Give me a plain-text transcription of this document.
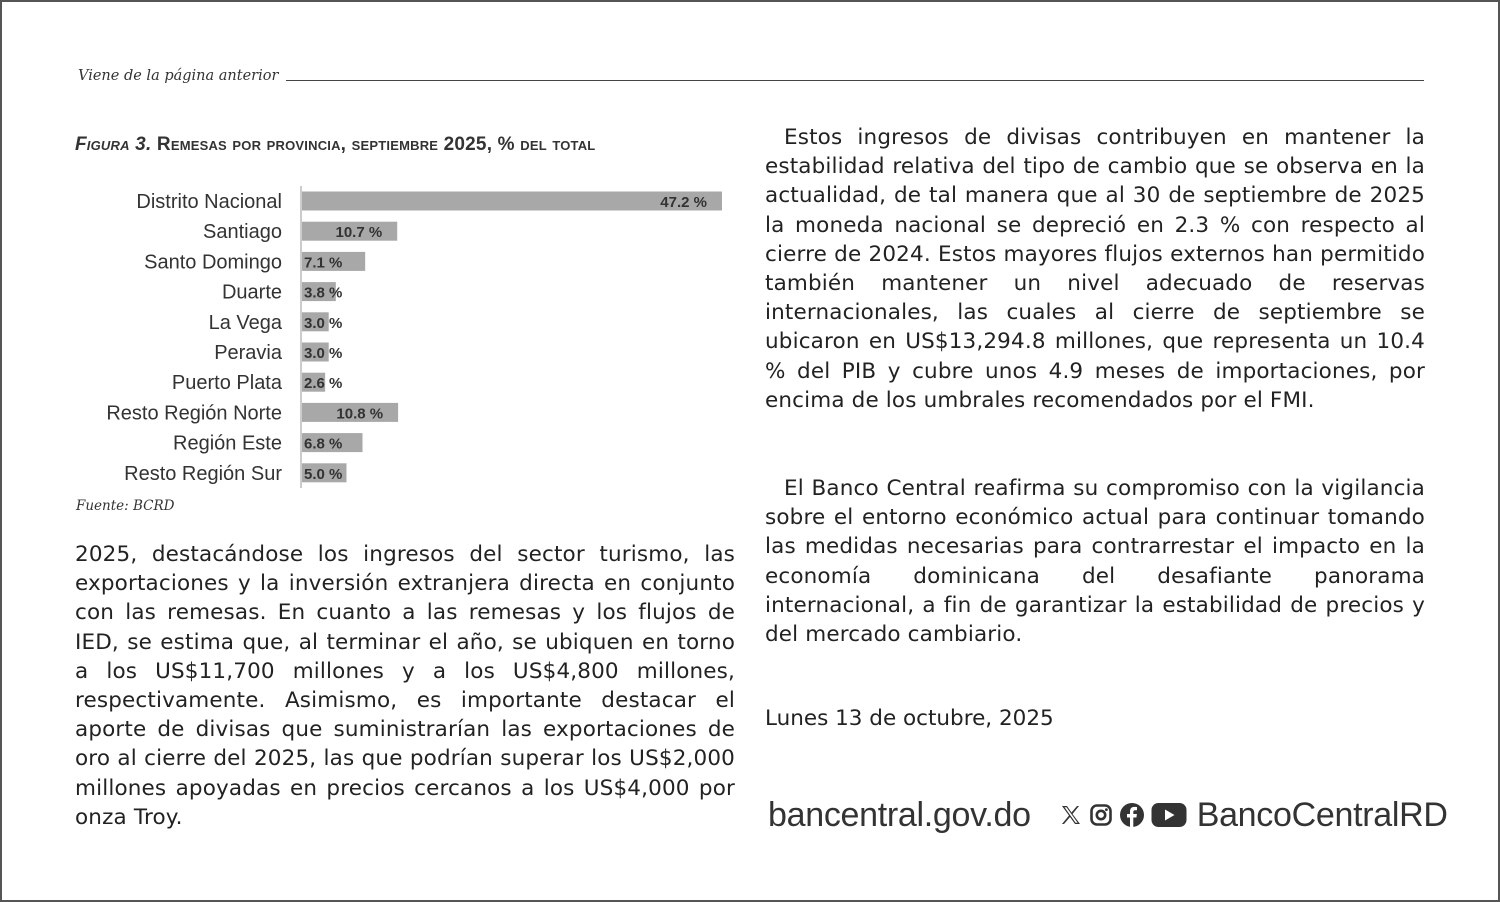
Viene de la página anterior
Figura 3. Remesas por provincia, septiembre 2025, % del total
Distrito Nacional	47.2 %
Santiago	10.7 %
Santo Domingo 7.1 %
Duarte 3.8 %
La Vega 3.0 %
Peravia 3.0 %
Puerto Plata 2.6 %
Resto Región Norte	10.8 %
Región Este 6.8 %
Resto Región Sur 5.0 %
Fuente: BCRD
2025, destacándose los ingresos del sector turismo, las exportaciones y la inversión extranjera directa en conjunto con las remesas. En cuanto a las remesas y los flujos de IED, se estima que, al terminar el año, se ubiquen en torno a los US$11,700 millones y a los US$4,800 millones, respectivamente. Asimismo, es importante destacar el aporte de divisas que suministrarían las exportaciones de oro al cierre del 2025, las que podrían superar los US$2,000 millones apoyadas en precios cercanos a los US$4,000 por onza Troy.
Estos ingresos de divisas contribuyen en mantener la estabilidad relativa del tipo de cambio que se observa en la actualidad, de tal manera que al 30 de septiembre de 2025 la moneda nacional se depreció en 2.3 % con respecto al cierre de 2024. Estos mayores flujos externos han permitido también mantener un nivel adecuado de reservas internacionales, las cuales al cierre de septiembre se ubicaron en US$13,294.8 millones, que representa un 10.4 % del PIB y cubre unos 4.9 meses de importaciones, por encima de los umbrales recomendados por el FMI.
El Banco Central reafirma su compromiso con la vigilancia sobre el entorno económico actual para continuar tomando las medidas necesarias para contrarrestar el impacto en la economía dominicana del desafiante panorama internacional, a fin de garantizar la estabilidad de precios y del mercado cambiario.
Lunes 13 de octubre, 2025
bancentral.gov.do	BancoCentralRD
